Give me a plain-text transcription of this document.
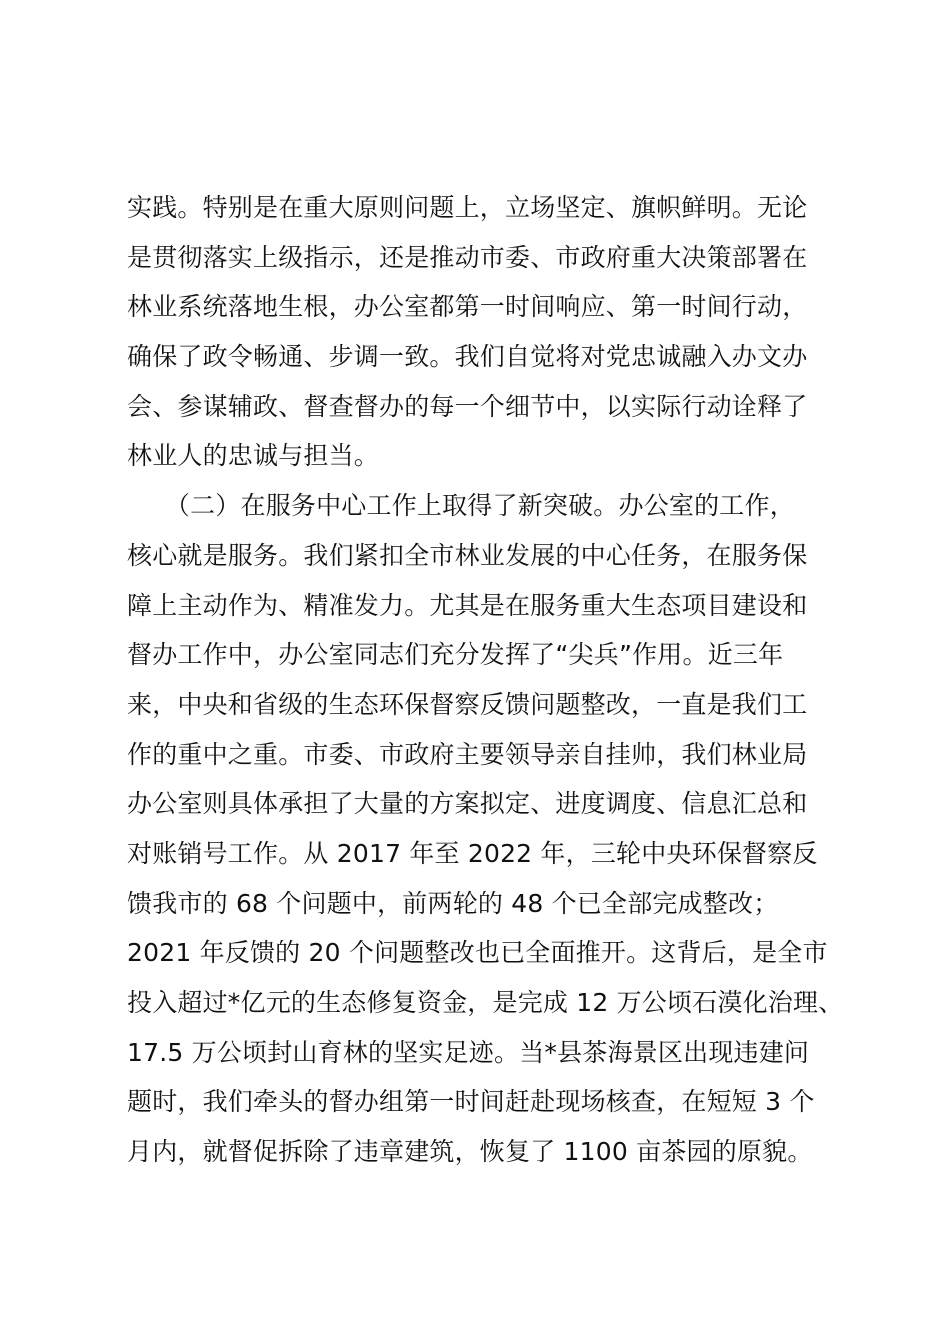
实践。特别是在重大原则问题上，立场坚定、旗帜鲜明。无论
是贯彻落实上级指示，还是推动市委、市政府重大决策部署在
林业系统落地生根，办公室都第一时间响应、第一时间行动，
确保了政令畅通、步调一致。我们自觉将对党忠诚融入办文办
会、参谋辅政、督查督办的每一个细节中，以实际行动诠释了
林业人的忠诚与担当。
　　（二）在服务中心工作上取得了新突破。办公室的工作，
核心就是服务。我们紧扣全市林业发展的中心任务，在服务保
障上主动作为、精准发力。尤其是在服务重大生态项目建设和
督办工作中，办公室同志们充分发挥了“尖兵”作用。近三年
来，中央和省级的生态环保督察反馈问题整改，一直是我们工
作的重中之重。市委、市政府主要领导亲自挂帅，我们林业局
办公室则具体承担了大量的方案拟定、进度调度、信息汇总和
对账销号工作。从 2017 年至 2022 年，三轮中央环保督察反
馈我市的 68 个问题中，前两轮的 48 个已全部完成整改；
2021 年反馈的 20 个问题整改也已全面推开。这背后，是全市
投入超过*亿元的生态修复资金，是完成 12 万公顷石漠化治理、
17.5 万公顷封山育林的坚实足迹。当*县茶海景区出现违建问
题时，我们牵头的督办组第一时间赶赴现场核查，在短短 3 个
月内，就督促拆除了违章建筑，恢复了 1100 亩茶园的原貌。
